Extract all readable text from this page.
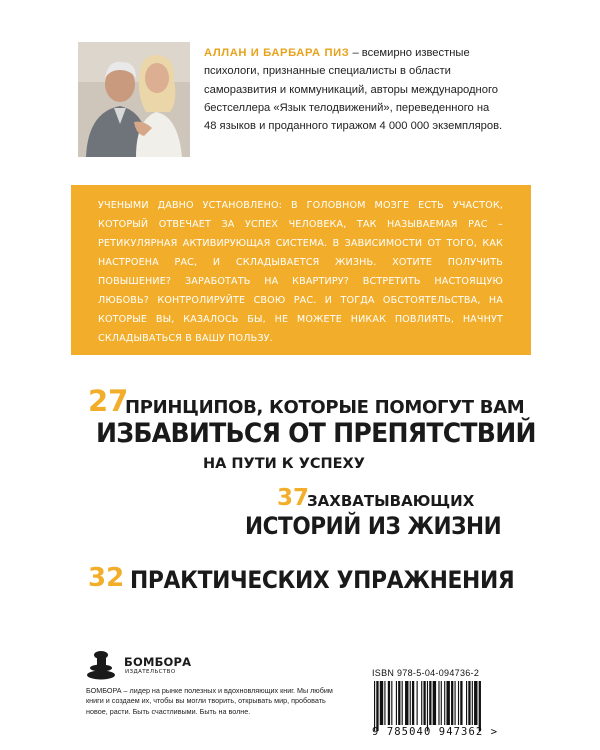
АЛЛАН И БАРБАРА ПИЗ – всемирно известные психологи, признанные специалисты в области саморазвития и коммуникаций, авторы международного бестселлера «Язык телодвижений», переведенного на 48 языков и проданного тиражом 4 000 000 экземпляров.
УЧЕНЫМИ ДАВНО УСТАНОВЛЕНО: В ГОЛОВНОМ МОЗГЕ ЕСТЬ УЧАСТОК, КОТОРЫЙ ОТВЕЧАЕТ ЗА УСПЕХ ЧЕЛОВЕКА, ТАК НАЗЫВАЕМАЯ РАС – РЕТИКУЛЯРНАЯ АКТИВИРУЮЩАЯ СИСТЕМА. В ЗАВИСИМОСТИ ОТ ТОГО, КАК НАСТРОЕНА РАС, И СКЛАДЫВАЕТСЯ ЖИЗНЬ. ХОТИТЕ ПОЛУЧИТЬ ПОВЫШЕНИЕ? ЗАРАБОТАТЬ НА КВАРТИРУ? ВСТРЕТИТЬ НАСТОЯЩУЮ ЛЮБОВЬ? КОНТРОЛИРУЙТЕ СВОЮ РАС. И ТОГДА ОБСТОЯТЕЛЬСТВА, НА КОТОРЫЕ ВЫ, КАЗАЛОСЬ БЫ, НЕ МОЖЕТЕ НИКАК ПОВЛИЯТЬ, НАЧНУТ СКЛАДЫВАТЬСЯ В ВАШУ ПОЛЬЗУ.
27
ПРИНЦИПОВ, КОТОРЫЕ ПОМОГУТ ВАМ
ИЗБАВИТЬСЯ ОТ ПРЕПЯТСТВИЙ
НА ПУТИ К УСПЕХУ
37
ЗАХВАТЫВАЮЩИХ
ИСТОРИЙ ИЗ ЖИЗНИ
32 ПРАКТИЧЕСКИХ УПРАЖНЕНИЯ
БОМБОРА
ИЗДАТЕЛЬСТВО
БОМБОРА – лидер на рынке полезных и вдохновляющих книг. Мы любим книги и создаем их, чтобы вы могли творить, открывать мир, пробовать новое, расти. Быть счастливыми. Быть на волне.
ISBN 978-5-04-094736-2
9 785040 947362 >
